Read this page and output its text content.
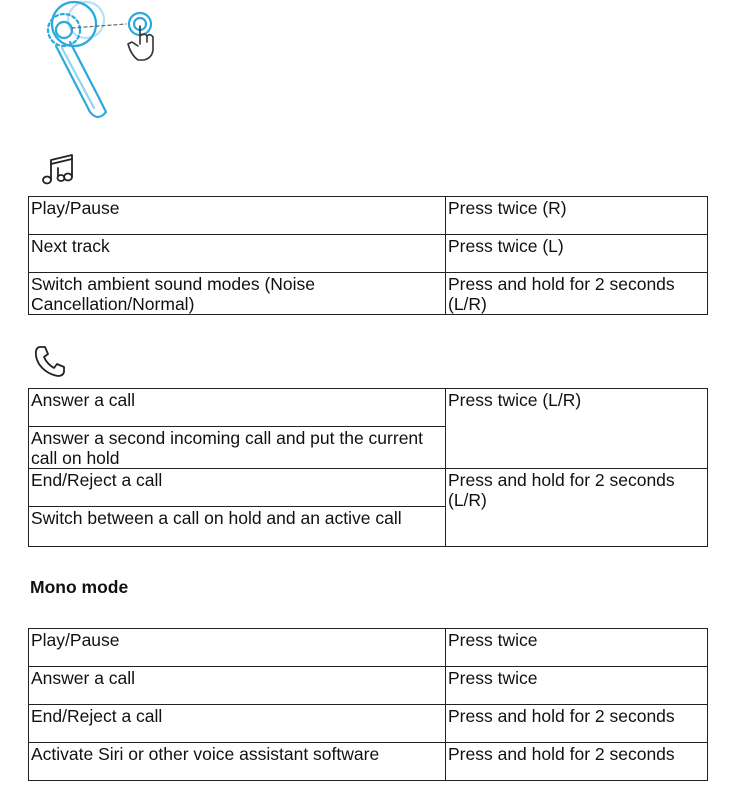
Play/Pause	Press twice (R)
Next track	Press twice (L)
Switch ambient sound modes (Noise Cancellation/Normal)	Press and hold for 2 seconds (L/R)
Answer a call	Press twice (L/R)
Answer a second incoming call and put the current call on hold	
End/Reject a call	Press and hold for 2 seconds (L/R)
Switch between a call on hold and an active call	
Mono mode
Play/Pause	Press twice
Answer a call	Press twice
End/Reject a call	Press and hold for 2 seconds
Activate Siri or other voice assistant software	Press and hold for 2 seconds
